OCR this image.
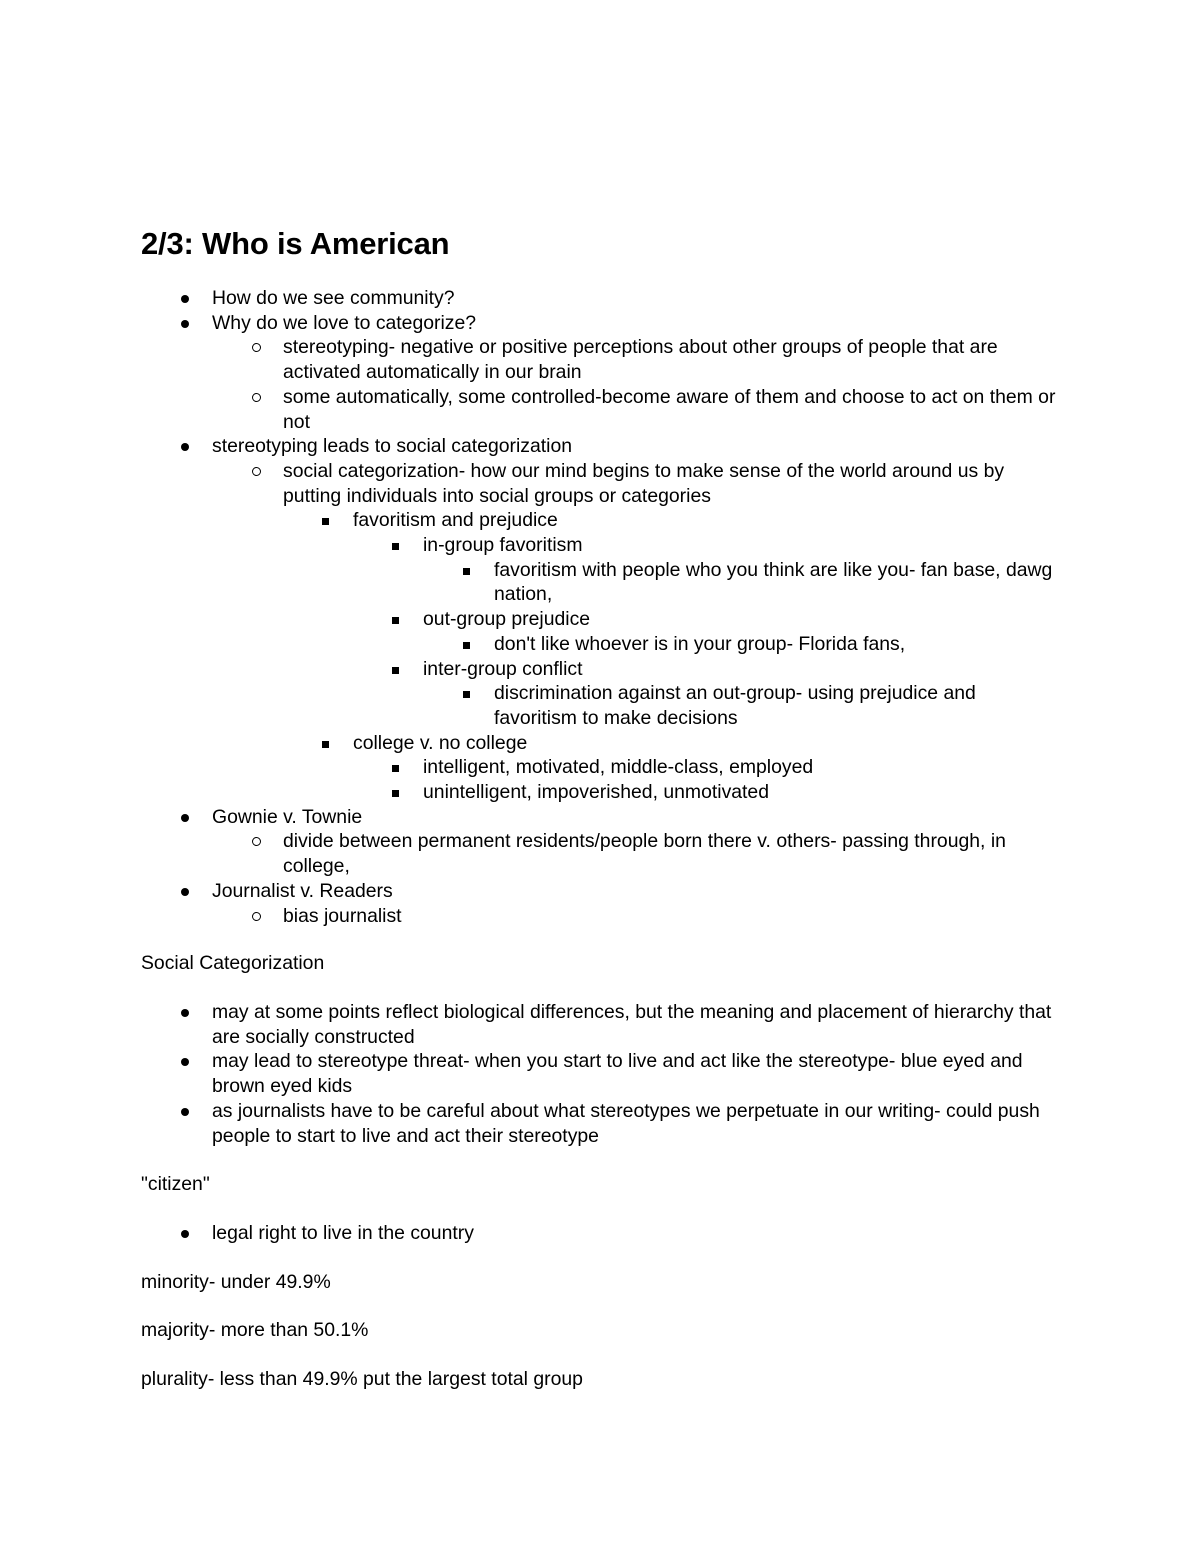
2/3: Who is American
How do we see community?
Why do we love to categorize?
stereotyping- negative or positive perceptions about other groups of people that are activated automatically in our brain
some automatically, some controlled-become aware of them and choose to act on them or not
stereotyping leads to social categorization
social categorization- how our mind begins to make sense of the world around us by putting individuals into social groups or categories
favoritism and prejudice
in-group favoritism
favoritism with people who you think are like you- fan base, dawg nation,
out-group prejudice
don't like whoever is in your group- Florida fans,
inter-group conflict
discrimination against an out-group- using prejudice and favoritism to make decisions
college v. no college
intelligent, motivated, middle-class, employed
unintelligent, impoverished, unmotivated
Gownie v. Townie
divide between permanent residents/people born there v. others- passing through, in college,
Journalist v. Readers
bias journalist

Social Categorization

may at some points reflect biological differences, but the meaning and placement of hierarchy that are socially constructed
may lead to stereotype threat- when you start to live and act like the stereotype- blue eyed and brown eyed kids
as journalists have to be careful about what stereotypes we perpetuate in our writing- could push people to start to live and act their stereotype

"citizen"

legal right to live in the country

minority- under 49.9%

majority- more than 50.1%

plurality- less than 49.9% put the largest total group
